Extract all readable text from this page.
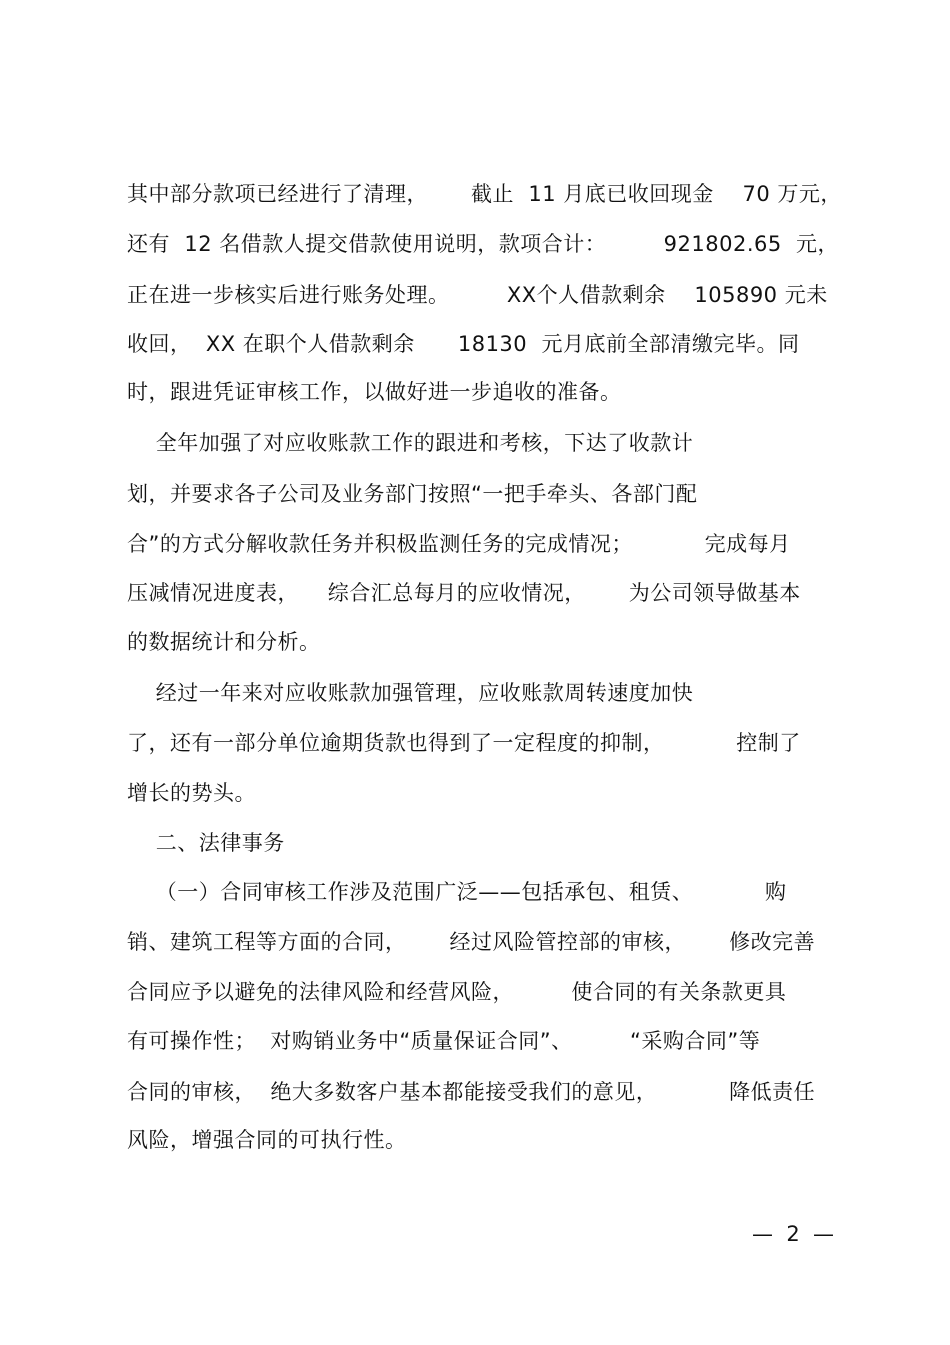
其中部分款项已经进行了清理，      截止  11 月底已收回现金    70 万元，
还有  12 名借款人提交借款使用说明，款项合计：        921802.65  元，
正在进一步核实后进行账务处理。        XX个人借款剩余    105890 元未
收回，  XX 在职个人借款剩余      18130  元月底前全部清缴完毕。同
时，跟进凭证审核工作，以做好进一步追收的准备。
全年加强了对应收账款工作的跟进和考核，下达了收款计
划，并要求各子公司及业务部门按照“一把手牵头、各部门配
合”的方式分解收款任务并积极监测任务的完成情况；          完成每月
压减情况进度表，    综合汇总每月的应收情况，      为公司领导做基本
的数据统计和分析。
经过一年来对应收账款加强管理，应收账款周转速度加快
了，还有一部分单位逾期货款也得到了一定程度的抑制，          控制了
增长的势头。
二、法律事务
（一）合同审核工作涉及范围广泛——包括承包、租赁、          购
销、建筑工程等方面的合同，      经过风险管控部的审核，      修改完善
合同应予以避免的法律风险和经营风险，        使合同的有关条款更具
有可操作性；  对购销业务中“质量保证合同”、        “采购合同”等
合同的审核，  绝大多数客户基本都能接受我们的意见，          降低责任
风险，增强合同的可执行性。
—  2  —
